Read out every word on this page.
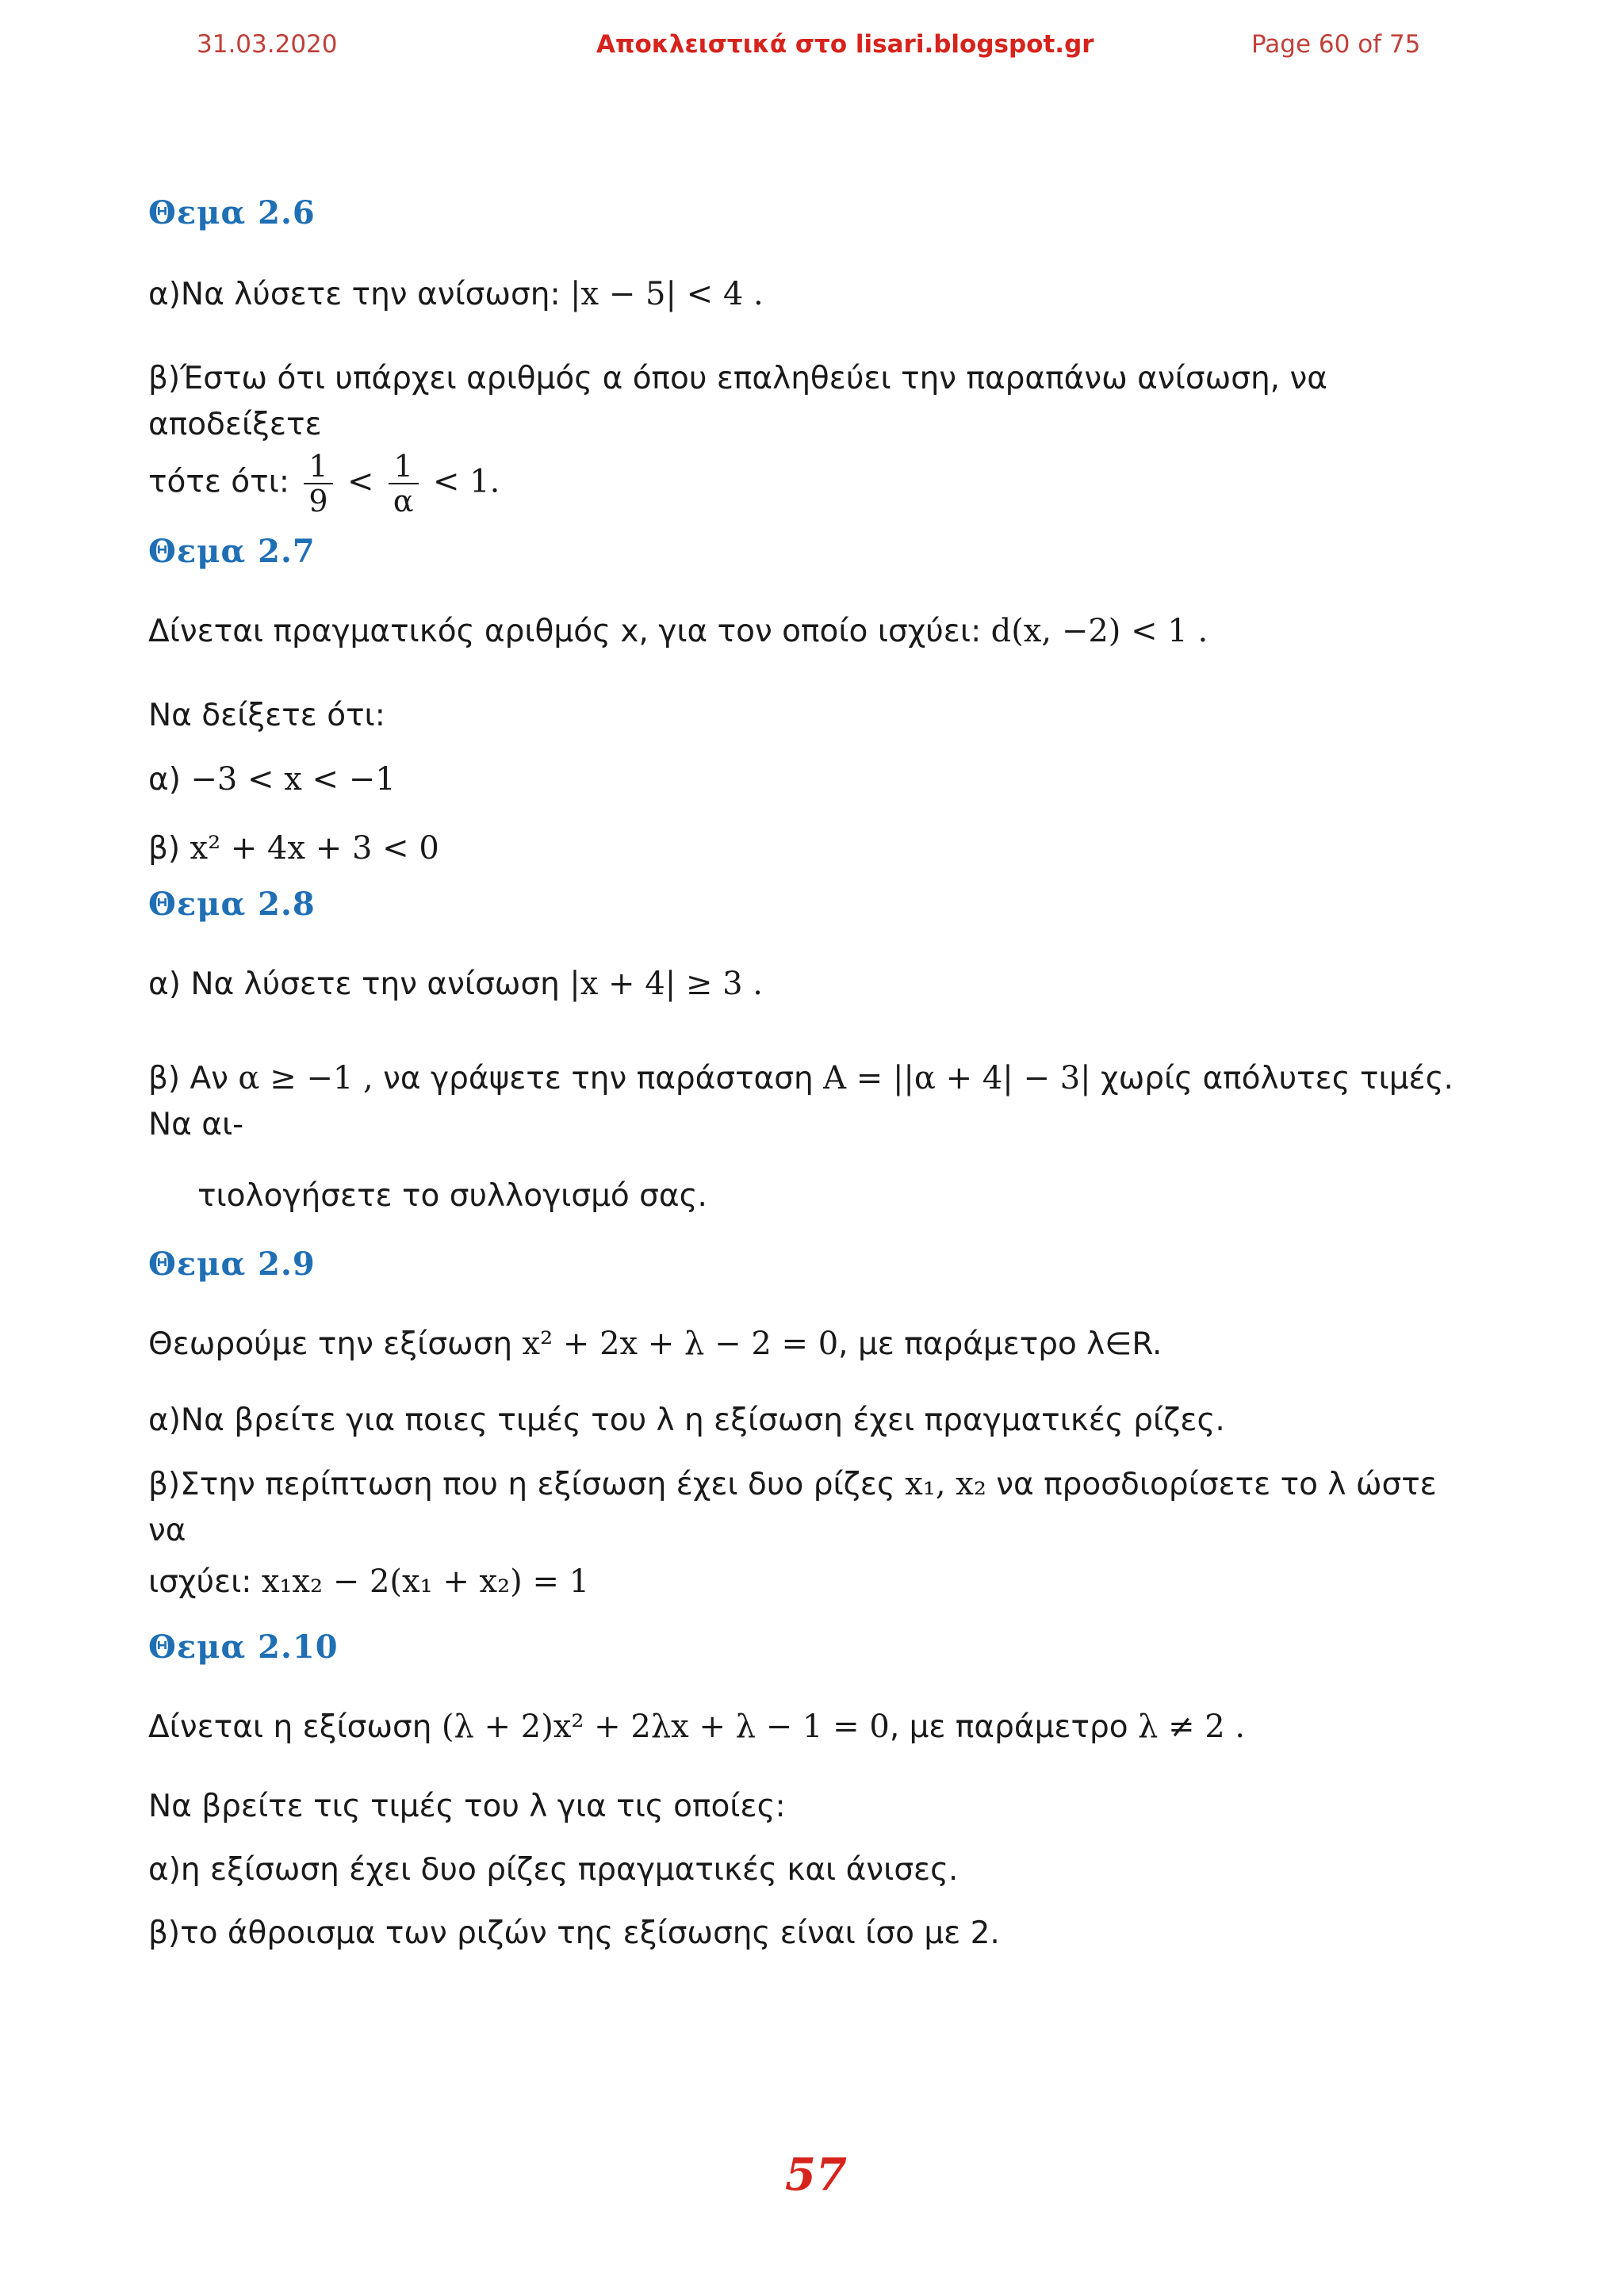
31.03.2020	Αποκλειστικά στο lisari.blogspot.gr	Page 60 of 75
Θεμα 2.6

α)Να λύσετε την ανίσωση: |x − 5| < 4 .

β)Έστω ότι υπάρχει αριθμός α όπου επαληθεύει την παραπάνω ανίσωση, να αποδείξετε

τότε ότι: $\frac{1}{9} < \frac{1}{\alpha} < 1$.

Θεμα 2.7

Δίνεται πραγματικός αριθμός x, για τον οποίο ισχύει: d(x, −2) < 1 .

Να δείξετε ότι:

α) −3 < x < −1

β) x² + 4x + 3 < 0

Θεμα 2.8

α) Να λύσετε την ανίσωση |x + 4| ≥ 3 .

β) Αν α ≥ −1 , να γράψετε την παράσταση Α = ||α + 4| − 3| χωρίς απόλυτες τιμές. Να αι-

τιολογήσετε το συλλογισμό σας.

Θεμα 2.9

Θεωρούμε την εξίσωση x² + 2x + λ − 2 = 0, με παράμετρο λ∈R.

α)Να βρείτε για ποιες τιμές του λ η εξίσωση έχει πραγματικές ρίζες.

β)Στην περίπτωση που η εξίσωση έχει δυο ρίζες x₁, x₂ να προσδιορίσετε το λ ώστε να

ισχύει: x₁x₂ − 2(x₁ + x₂) = 1

Θεμα 2.10

Δίνεται η εξίσωση (λ + 2)x² + 2λx + λ − 1 = 0, με παράμετρο λ ≠ 2 .

Να βρείτε τις τιμές του λ για τις οποίες:

α)η εξίσωση έχει δυο ρίζες πραγματικές και άνισες.

β)το άθροισμα των ριζών της εξίσωσης είναι ίσο με 2.

57
